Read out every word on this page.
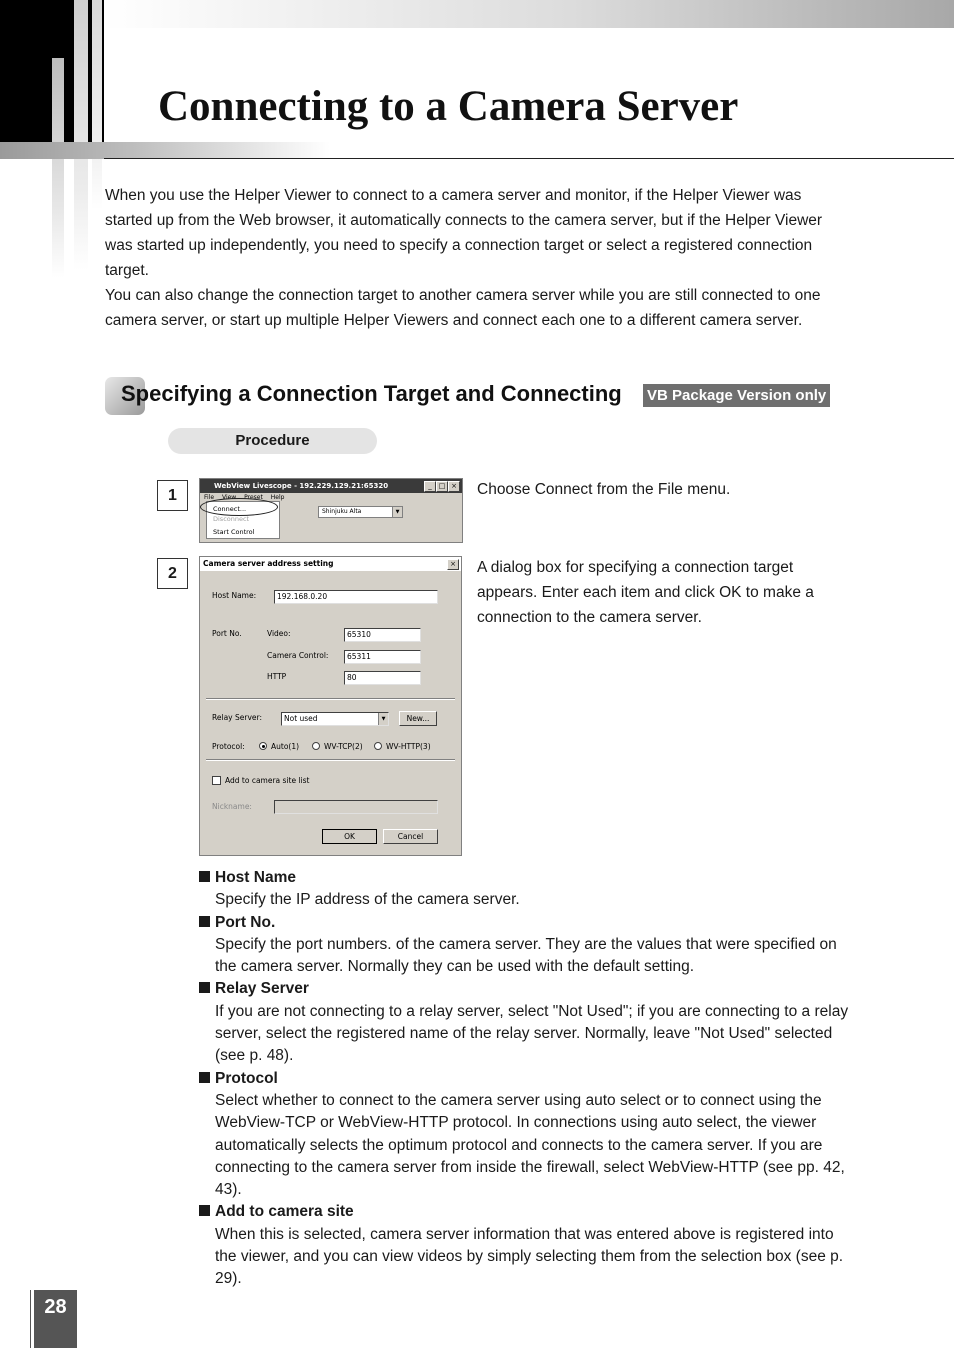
Connecting to a Camera Server

When you use the Helper Viewer to connect to a camera server and monitor, if the Helper Viewer was started up from the Web browser, it automatically connects to the camera server, but if the Helper Viewer was started up independently, you need to specify a connection target or select a registered connection target.

You can also change the connection target to another camera server while you are still connected to one camera server, or start up multiple Helper Viewers and connect each one to a different camera server.

Specifying a Connection Target and Connecting VB Package Version only
Procedure
1
WebView Livescope - 192.229.129.21:65320	_ □ ×
File View Preset Help
Connect...
Disconnect
Start Control
Shinjuku Alta	▼

Choose Connect from the File menu.

2
Camera server address setting	×
Host Name:	192.168.0.20
Port No.	Video:	65310
Camera Control:	65311
HTTP	80
Relay Server:	Not used	▼	New...
Protocol:	Auto(1)	WV-TCP(2)	WV-HTTP(3)
Add to camera site list
Nickname:
OK	Cancel

A dialog box for specifying a connection target appears. Enter each item and click OK to make a connection to the camera server.

Host Name

Specify the IP address of the camera server.

Port No.

Specify the port numbers. of the camera server. They are the values that were specified on the camera server. Normally they can be used with the default setting.

Relay Server

If you are not connecting to a relay server, select "Not Used"; if you are connecting to a relay server, select the registered name of the relay server. Normally, leave "Not Used" selected (see p. 48).

Protocol

Select whether to connect to the camera server using auto select or to connect using the WebView-TCP or WebView-HTTP protocol. In connections using auto select, the viewer automatically selects the optimum protocol and connects to the camera server. If you are connecting to the camera server from inside the firewall, select WebView-HTTP (see pp. 42, 43).

Add to camera site

When this is selected, camera server information that was entered above is registered into the viewer, and you can view videos by simply selecting them from the selection box (see p. 29).

28
